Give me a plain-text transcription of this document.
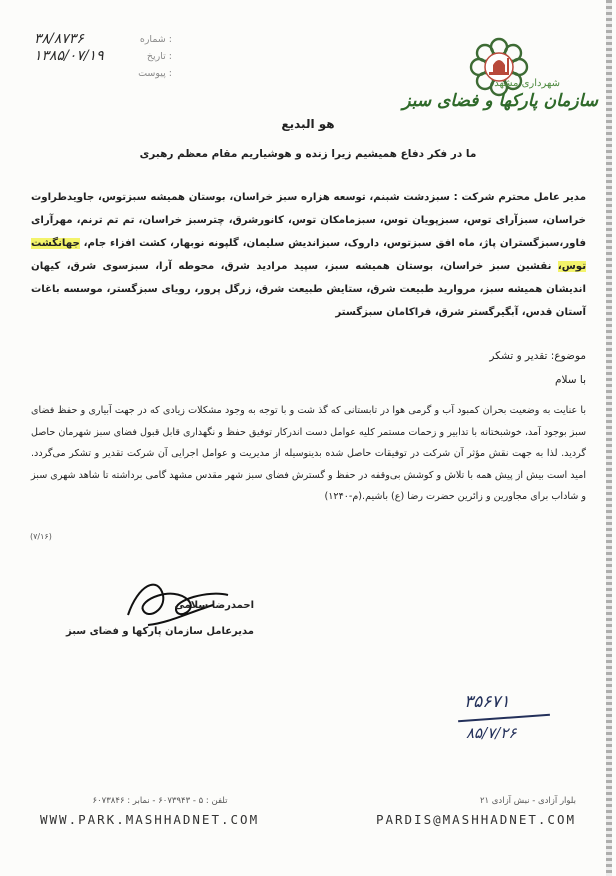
: شماره
۳۸/۸۷۳۶
: تاریخ
۱۳۸۵/۰۷/۱۹
: پیوست
شهرداری مشهد
سازمان پارکها و فضای سبز
هو البدیع
ما در فکر دفاع همیشیم زیرا زنده و هوشیاریم مقام معظم رهبری

مدیر عامل محترم شرکت : سبزدشت شبنم، توسعه هزاره سبز خراسان، بوستان همیشه سبزتوس، جاویدطراوت خراسان، سبزآرای توس، سبزپویان توس، سبزمامکان توس، کانورشرق، چترسبز خراسان، تم تم ترنم، مهرآرای فاور،سبزگستران پاژ، ماه افق سبزتوس، داروک، سبزاندیش سلیمان، گلپونه نوبهار، کشت افزاء جام، جهانگشت توس، نقشین سبز خراسان، بوستان همیشه سبز، سپید مرادید شرق، محوطه آرا، سبزسوی شرق، کیهان اندیشان همیشه سبز، مروارید طبیعت شرق، ستایش طبیعت شرق، زرگل پرور، رویای سبزگستر، موسسه باغات آستان قدس، آبگیرگستر شرق، فراکامان سبزگستر

موضوع: تقدیر و تشکر
با سلام

با عنایت به وضعیت بحران کمبود آب و گرمی هوا در تابستانی که گذ شت و با توجه به وجود مشکلات زیادی که در جهت آبیاری و حفظ فضای سبز بوجود آمد، خوشبختانه با تدابیر و زحمات مستمر کلیه عوامل دست اندرکار توفیق حفظ و نگهداری قابل قبول فضای سبز شهرمان حاصل گردید. لذا به جهت نقش مؤثر آن شرکت در توفیقات حاصل شده بدینوسیله از مدیریت و عوامل اجرایی آن شرکت تقدیر و تشکر می‌گردد. امید است بیش از پیش همه با تلاش و کوشش بی‌وقفه در حفظ و گسترش فضای سبز شهر مقدس مشهد گامی برداشته تا شاهد شهری سبز و شاداب برای مجاورین و زائرین حضرت رضا (ع) باشیم.(م-۱۲۴۰)

(۷/۱۶)
احمدرضا سلامی
مدیرعامل سازمان پارکها و فضای سبز
۳۵۶۷۱
۸۵/۷/۲۶
تلفن : ۵ - ۶۰۷۳۹۴۳ - نمابر : ۶۰۷۳۸۴۶
WWW.PARK.MASHHADNET.COM
بلوار آزادی - نبش آزادی ۲۱
PARDIS@MASHHADNET.COM
